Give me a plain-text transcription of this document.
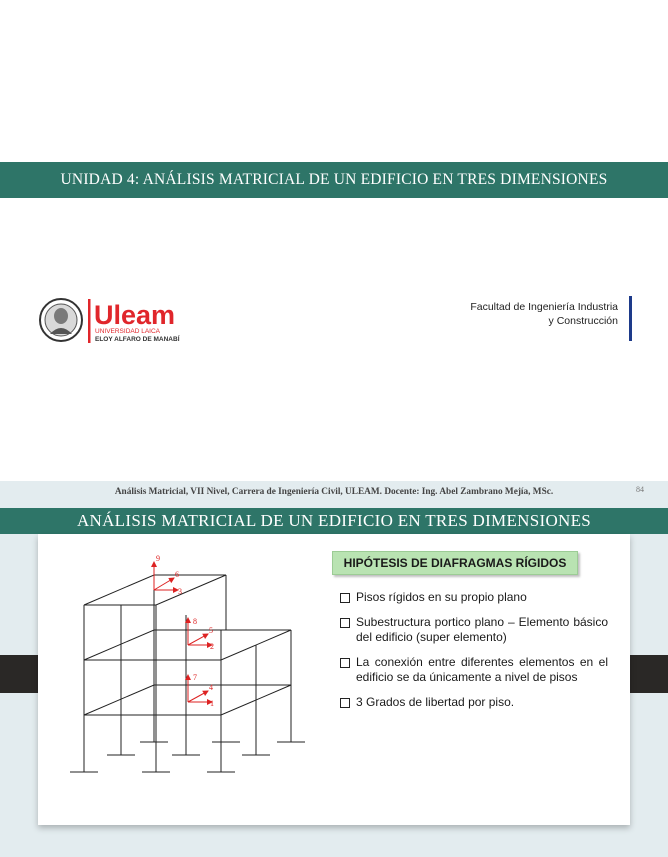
UNIDAD 4: ANÁLISIS MATRICIAL DE UN EDIFICIO EN TRES DIMENSIONES
Uleam
UNIVERSIDAD LAICA
ELOY ALFARO DE MANABÍ
Facultad de Ingeniería Industria
y Construcción
Análisis Matricial, VII Nivel, Carrera de Ingeniería Civil, ULEAM. Docente: Ing. Abel Zambrano Mejía, MSc.	84
ANÁLISIS MATRICIAL DE UN EDIFICIO EN TRES DIMENSIONES
1
2
3
4
5
6
7
8
9	HIPÓTESIS DE DIAFRAGMAS RÍGIDOS
Pisos rígidos en su propio plano
Subestructura portico plano – Elemento básico del edificio (super elemento)
La conexión entre diferentes elementos en el edificio se da únicamente a nivel de pisos
3 Grados de libertad por piso.
